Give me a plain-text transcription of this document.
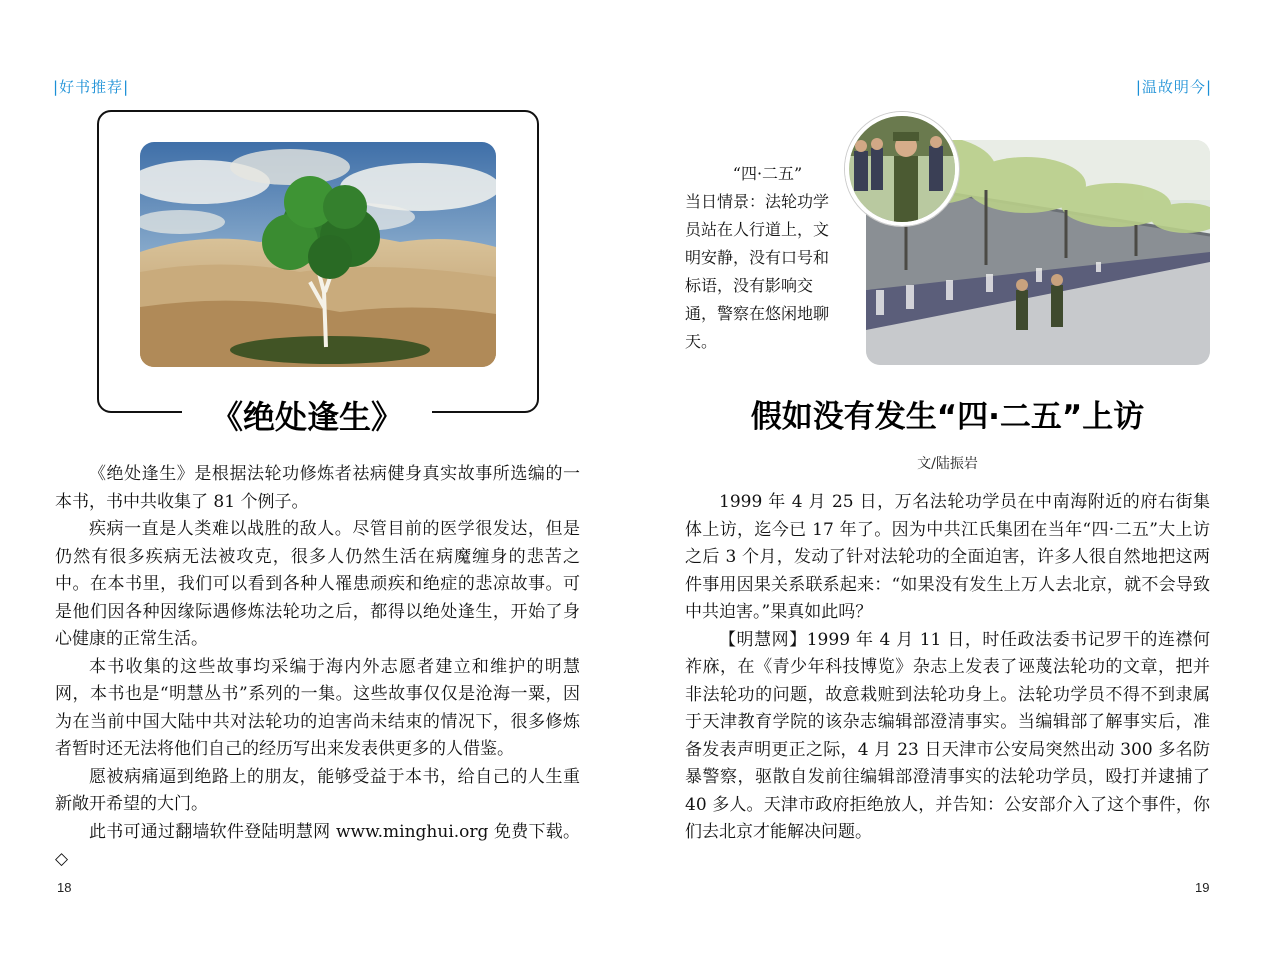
|好书推荐|
《绝处逢生》

《绝处逢生》是根据法轮功修炼者祛病健身真实故事所选编的一本书，书中共收集了 81 个例子。

疾病一直是人类难以战胜的敌人。尽管目前的医学很发达，但是仍然有很多疾病无法被攻克，很多人仍然生活在病魔缠身的悲苦之中。在本书里，我们可以看到各种人罹患顽疾和绝症的悲凉故事。可是他们因各种因缘际遇修炼法轮功之后，都得以绝处逢生，开始了身心健康的正常生活。

本书收集的这些故事均采编于海内外志愿者建立和维护的明慧网，本书也是“明慧丛书”系列的一集。这些故事仅仅是沧海一粟，因为在当前中国大陆中共对法轮功的迫害尚未结束的情况下，很多修炼者暂时还无法将他们自己的经历写出来发表供更多的人借鉴。

愿被病痛逼到绝路上的朋友，能够受益于本书，给自己的人生重新敞开希望的大门。

此书可通过翻墙软件登陆明慧网 www.minghui.org 免费下载。◇

18
|温故明今|
“四·二五”
当日情景：法轮功学员站在人行道上，文明安静，没有口号和标语，没有影响交通，警察在悠闲地聊天。
假如没有发生“四·二五”上访
文/陆振岩

1999 年 4 月 25 日，万名法轮功学员在中南海附近的府右街集体上访，迄今已 17 年了。因为中共江氏集团在当年“四·二五”大上访之后 3 个月，发动了针对法轮功的全面迫害，许多人很自然地把这两件事用因果关系联系起来：“如果没有发生上万人去北京，就不会导致中共迫害。”果真如此吗？

【明慧网】1999 年 4 月 11 日，时任政法委书记罗干的连襟何祚庥，在《青少年科技博览》杂志上发表了诬蔑法轮功的文章，把并非法轮功的问题，故意栽赃到法轮功身上。法轮功学员不得不到隶属于天津教育学院的该杂志编辑部澄清事实。当编辑部了解事实后，准备发表声明更正之际，4 月 23 日天津市公安局突然出动 300 多名防暴警察，驱散自发前往编辑部澄清事实的法轮功学员，殴打并逮捕了 40 多人。天津市政府拒绝放人，并告知：公安部介入了这个事件，你们去北京才能解决问题。

19
